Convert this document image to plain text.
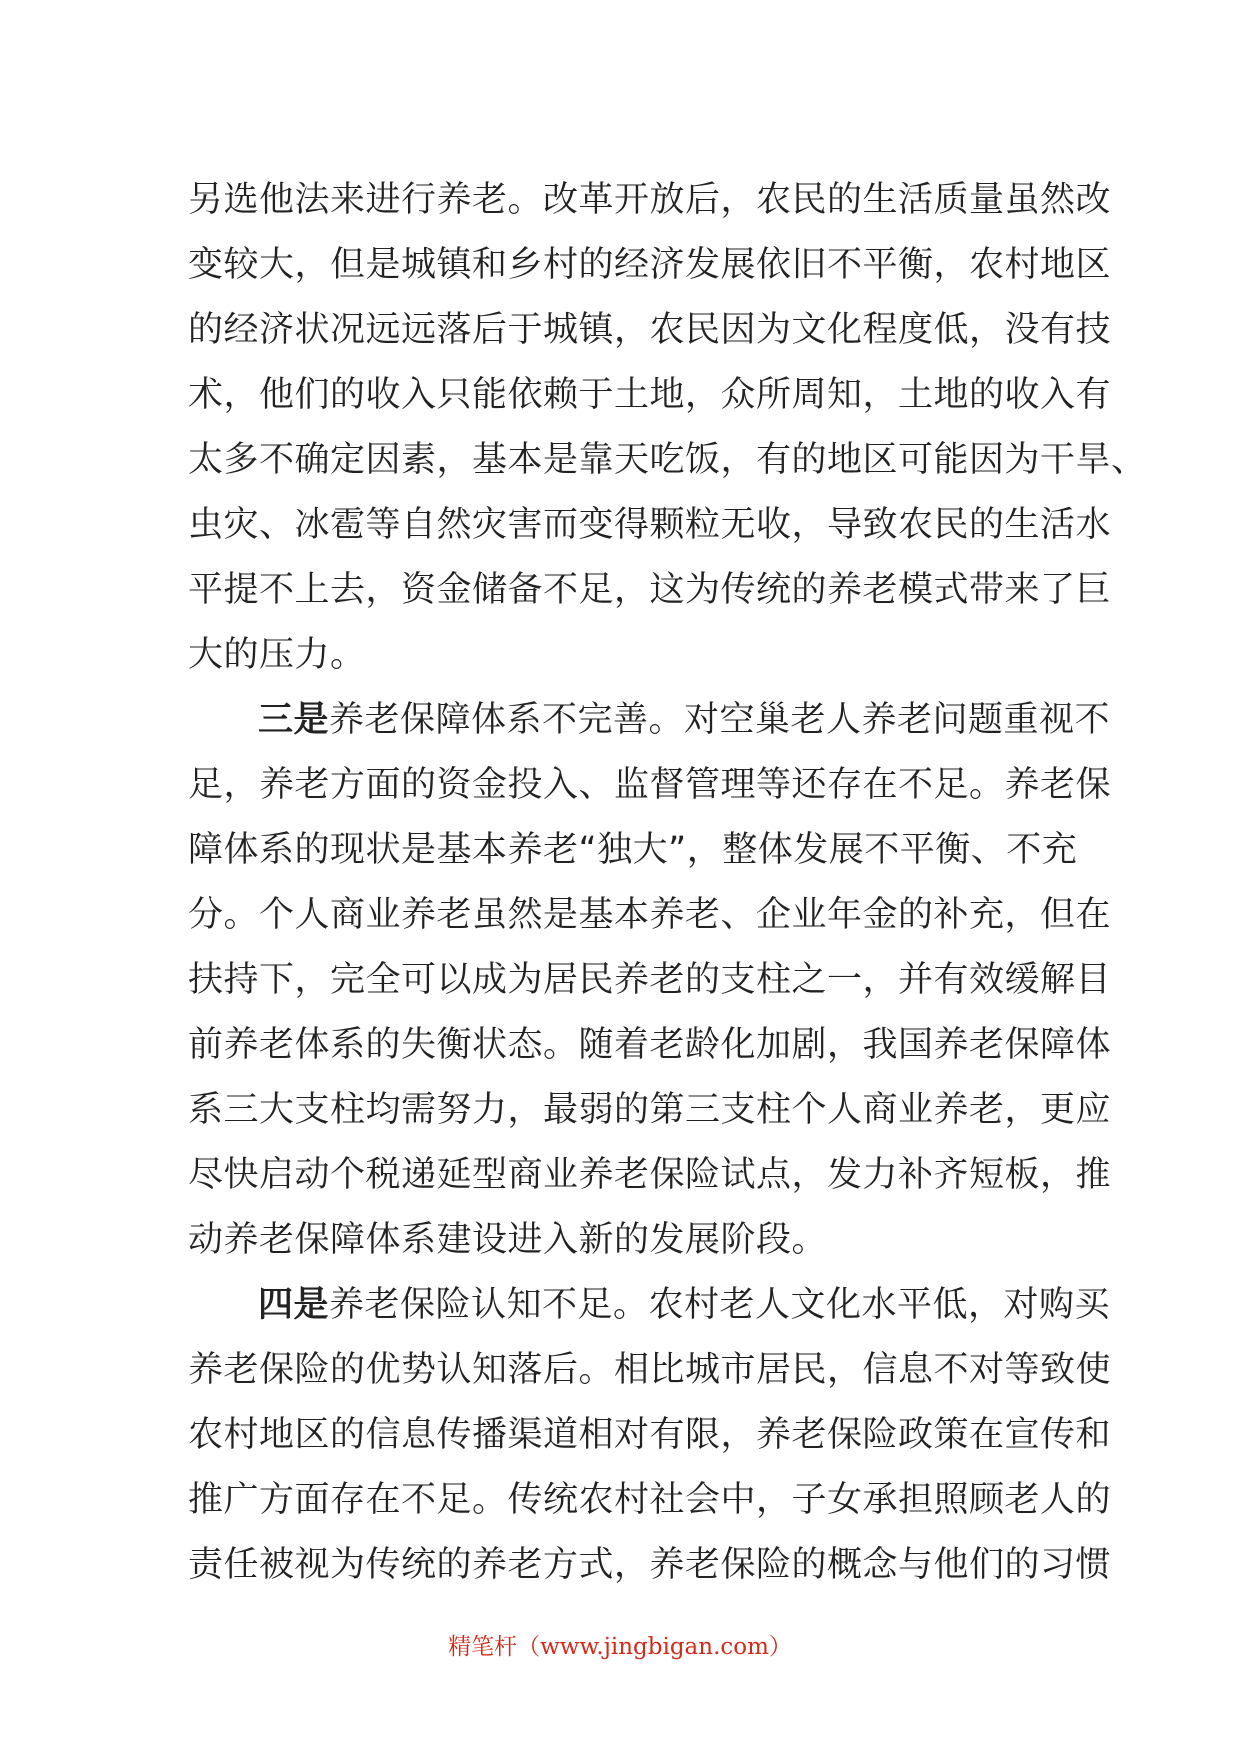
另选他法来进行养老。改革开放后，农民的生活质量虽然改
变较大，但是城镇和乡村的经济发展依旧不平衡，农村地区
的经济状况远远落后于城镇，农民因为文化程度低，没有技
术，他们的收入只能依赖于土地，众所周知，土地的收入有
太多不确定因素，基本是靠天吃饭，有的地区可能因为干旱、
虫灾、冰雹等自然灾害而变得颗粒无收，导致农民的生活水
平提不上去，资金储备不足，这为传统的养老模式带来了巨
大的压力。
三是养老保障体系不完善。对空巢老人养老问题重视不
足，养老方面的资金投入、监督管理等还存在不足。养老保
障体系的现状是基本养老“独大”，整体发展不平衡、不充
分。个人商业养老虽然是基本养老、企业年金的补充，但在
扶持下，完全可以成为居民养老的支柱之一，并有效缓解目
前养老体系的失衡状态。随着老龄化加剧，我国养老保障体
系三大支柱均需努力，最弱的第三支柱个人商业养老，更应
尽快启动个税递延型商业养老保险试点，发力补齐短板，推
动养老保障体系建设进入新的发展阶段。
四是养老保险认知不足。农村老人文化水平低，对购买
养老保险的优势认知落后。相比城市居民，信息不对等致使
农村地区的信息传播渠道相对有限，养老保险政策在宣传和
推广方面存在不足。传统农村社会中，子女承担照顾老人的
责任被视为传统的养老方式，养老保险的概念与他们的习惯
精笔杆（www.jingbigan.com）
